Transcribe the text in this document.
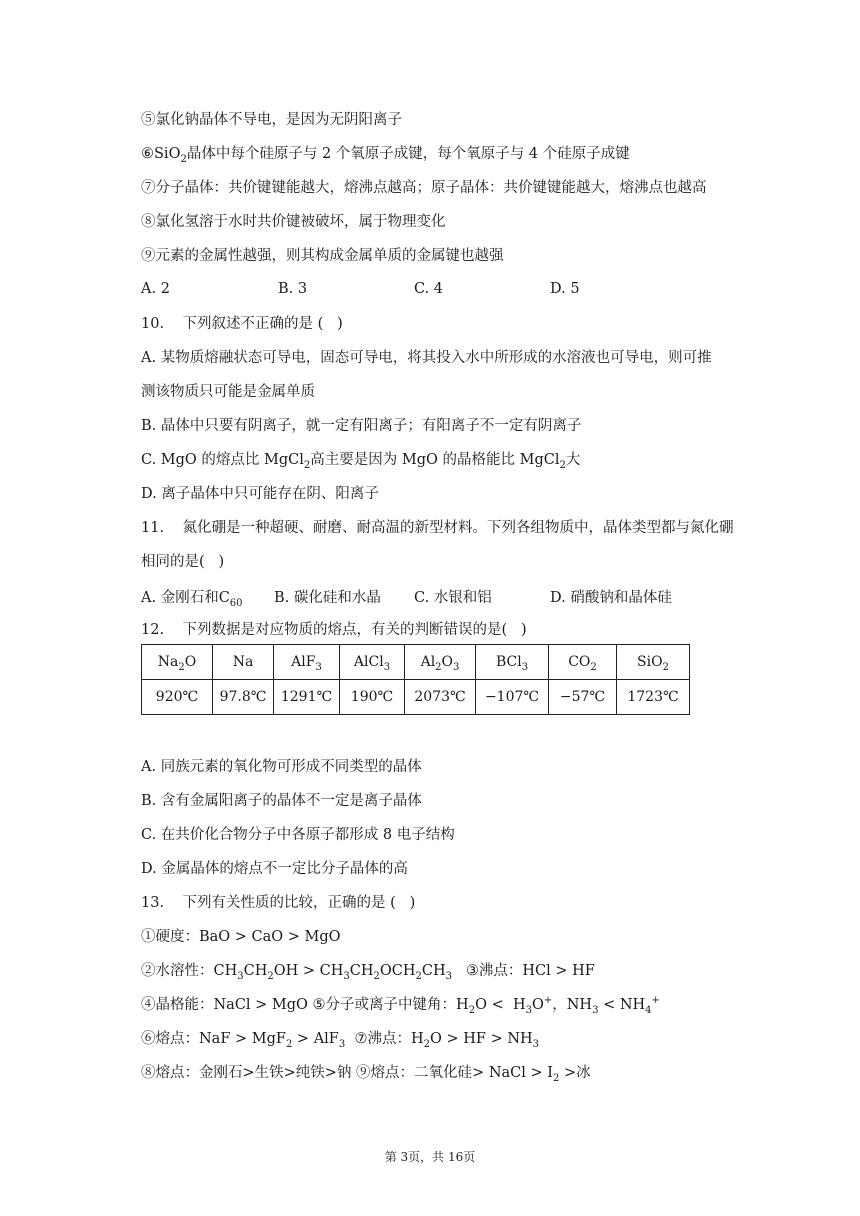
⑤氯化钠晶体不导电，是因为无阴阳离子
⑥SiO$_2$晶体中每个硅原子与 2 个氧原子成键，每个氧原子与 4 个硅原子成键
⑦分子晶体：共价键键能越大，熔沸点越高；原子晶体：共价键键能越大，熔沸点也越高
⑧氯化氢溶于水时共价键被破坏，属于物理变化
⑨元素的金属性越强，则其构成金属单质的金属键也越强
A. 2	B. 3	C. 4	D. 5
10.    下列叙述不正确的是 (   )
A. 某物质熔融状态可导电，固态可导电，将其投入水中所形成的水溶液也可导电，则可推
测该物质只可能是金属单质
B. 晶体中只要有阴离子，就一定有阳离子；有阳离子不一定有阴离子
C. MgO 的熔点比 MgCl$_2$高主要是因为 MgO 的晶格能比 MgCl$_2$大
D. 离子晶体中只可能存在阴、阳离子
11.    氮化硼是一种超硬、耐磨、耐高温的新型材料。下列各组物质中，晶体类型都与氮化硼
相同的是(   )
A. 金刚石和$C_{60}$ B. 碳化硅和水晶 C. 水银和铝	D. 硝酸钠和晶体硅
12.    下列数据是对应物质的熔点，有关的判断错误的是(   )
$Na_2O$	Na	AlF$_3$	AlCl$_3$	$Al_2O_3$	BCl$_3$	$CO_2$	SiO$_2$
920℃	97.8℃	1291℃	190℃	2073℃	−107℃	−57℃	1723℃
A. 同族元素的氧化物可形成不同类型的晶体
B. 含有金属阳离子的晶体不一定是离子晶体
C. 在共价化合物分子中各原子都形成 8 电子结构
D. 金属晶体的熔点不一定比分子晶体的高
13.    下列有关性质的比较，正确的是 (   )
①硬度：BaO > CaO > MgO
②水溶性：$CH_3CH_2OH > CH_3CH_2OCH_2CH_3$   ③沸点：HCl > HF
④晶格能：NaCl > MgO ⑤分子或离子中键角：$H_2O < H_3O^+$，$NH_3 < NH_4^+$
⑥熔点：NaF > MgF$_2$ > AlF$_3$  ⑦沸点：$H_2O$ > HF > $NH_3$
⑧熔点：金刚石>生铁>纯铁>钠 ⑨熔点：二氧化硅> NaCl > $I_2$ >冰
第 3页，共 16页
